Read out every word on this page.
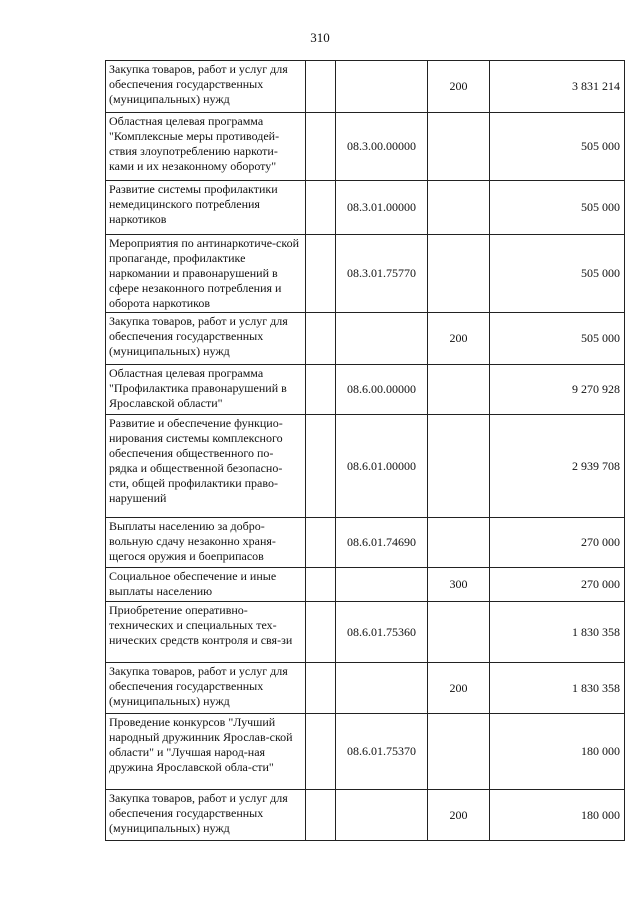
310
Закупка товаров, работ и услуг для обеспечения государственных (муниципальных) нужд			200	3 831 214
Областная целевая программа "Комплексные меры противодей-ствия злоупотреблению наркоти-ками и их незаконному обороту"		08.3.00.00000		505 000
Развитие системы профилактики немедицинского потребления наркотиков		08.3.01.00000		505 000
Мероприятия по антинаркотиче-ской пропаганде, профилактике наркомании и правонарушений в сфере незаконного потребления и оборота наркотиков		08.3.01.75770		505 000
Закупка товаров, работ и услуг для обеспечения государственных (муниципальных) нужд			200	505 000
Областная целевая программа "Профилактика правонарушений в Ярославской области"		08.6.00.00000		9 270 928
Развитие и обеспечение функцио-нирования системы комплексного обеспечения общественного по-рядка и общественной безопасно-сти, общей профилактики право-нарушений		08.6.01.00000		2 939 708
Выплаты населению за добро-вольную сдачу незаконно храня-щегося оружия и боеприпасов		08.6.01.74690		270 000
Социальное обеспечение и иные выплаты населению			300	270 000
Приобретение оперативно-технических и специальных тех-нических средств контроля и свя-зи		08.6.01.75360		1 830 358
Закупка товаров, работ и услуг для обеспечения государственных (муниципальных) нужд			200	1 830 358
Проведение конкурсов "Лучший народный дружинник Ярослав-ской области" и "Лучшая народ-ная дружина Ярославской обла-сти"		08.6.01.75370		180 000
Закупка товаров, работ и услуг для обеспечения государственных (муниципальных) нужд			200	180 000
